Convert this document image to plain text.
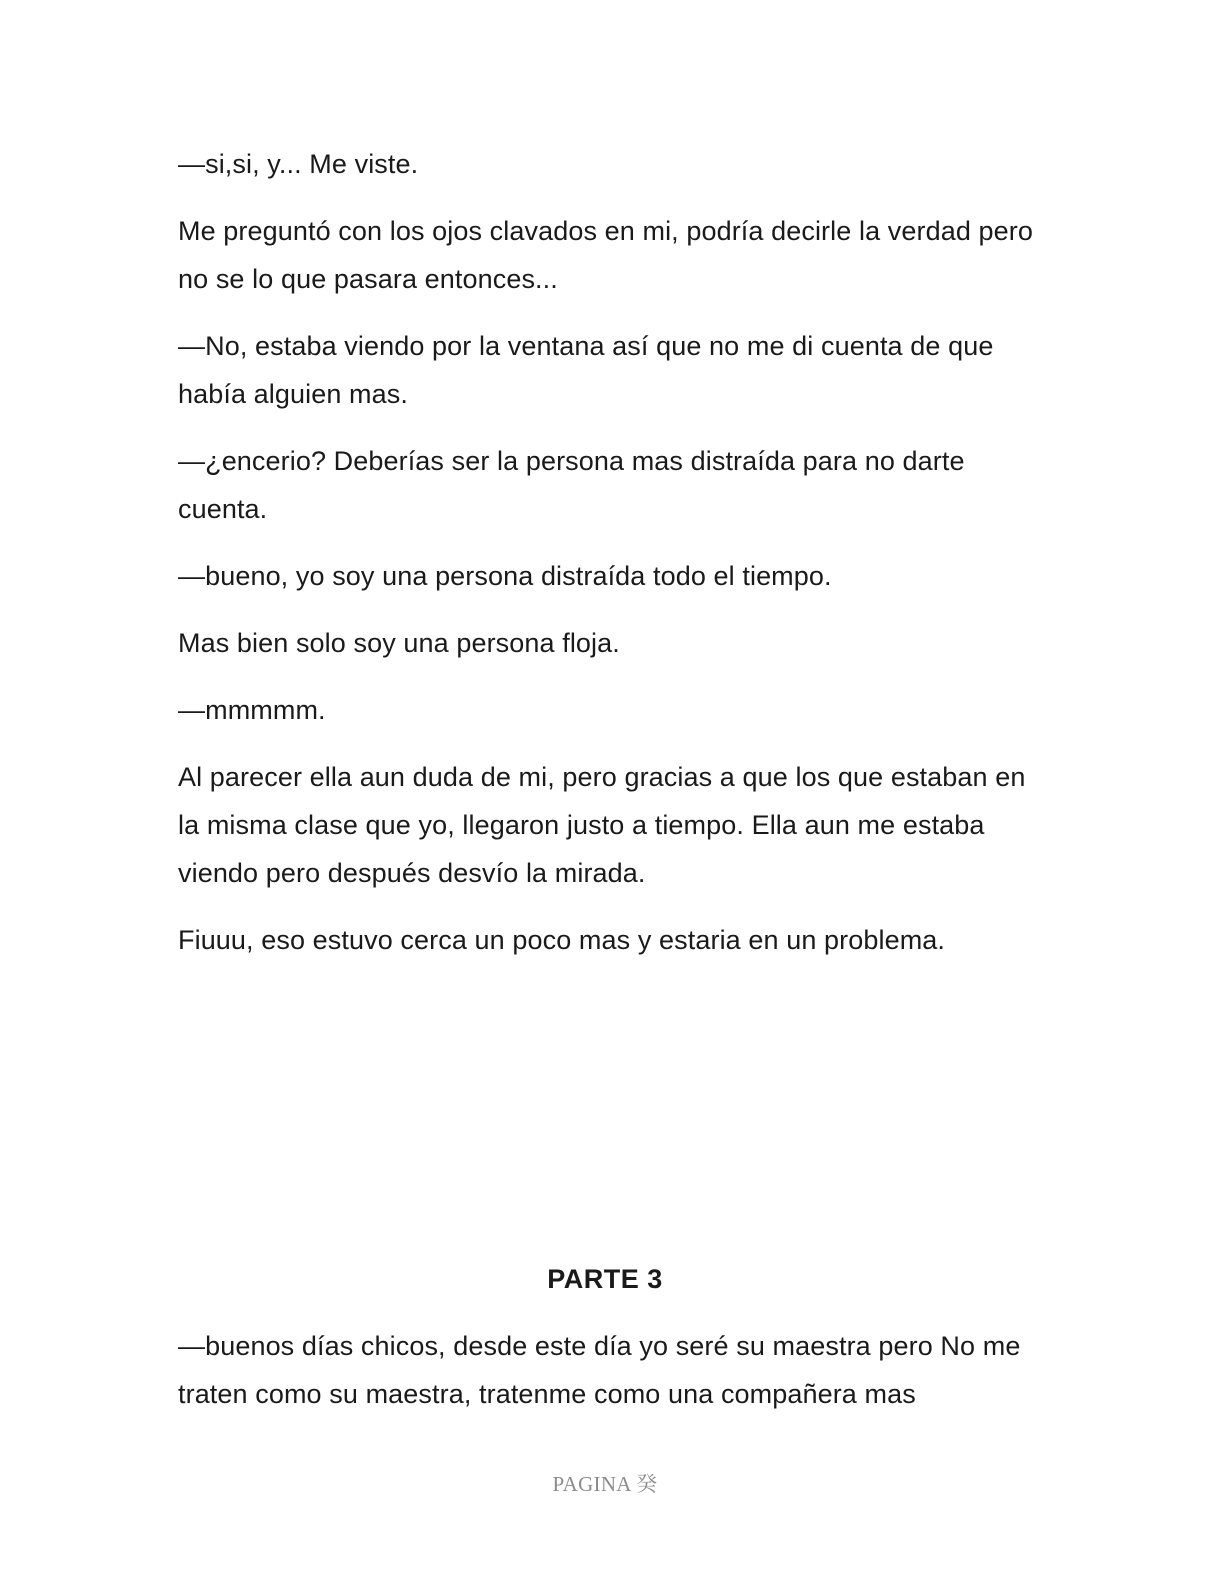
—si,si, y... Me viste.

Me preguntó con los ojos clavados en mi, podría decirle la verdad pero no se lo que pasara entonces...

—No, estaba viendo por la ventana así que no me di cuenta de que había alguien mas.

—¿encerio? Deberías ser la persona mas distraída para no darte cuenta.

—bueno, yo soy una persona distraída todo el tiempo.

Mas bien solo soy una persona floja.

—mmmmm.

Al parecer ella aun duda de mi, pero gracias a que los que estaban en la misma clase que yo, llegaron justo a tiempo. Ella aun me estaba viendo pero después desvío la mirada.

Fiuuu, eso estuvo cerca un poco mas y estaria en un problema.

PARTE 3

—buenos días chicos, desde este día yo seré su maestra pero No me traten como su maestra, tratenme como una compañera mas

PAGINA 癸
